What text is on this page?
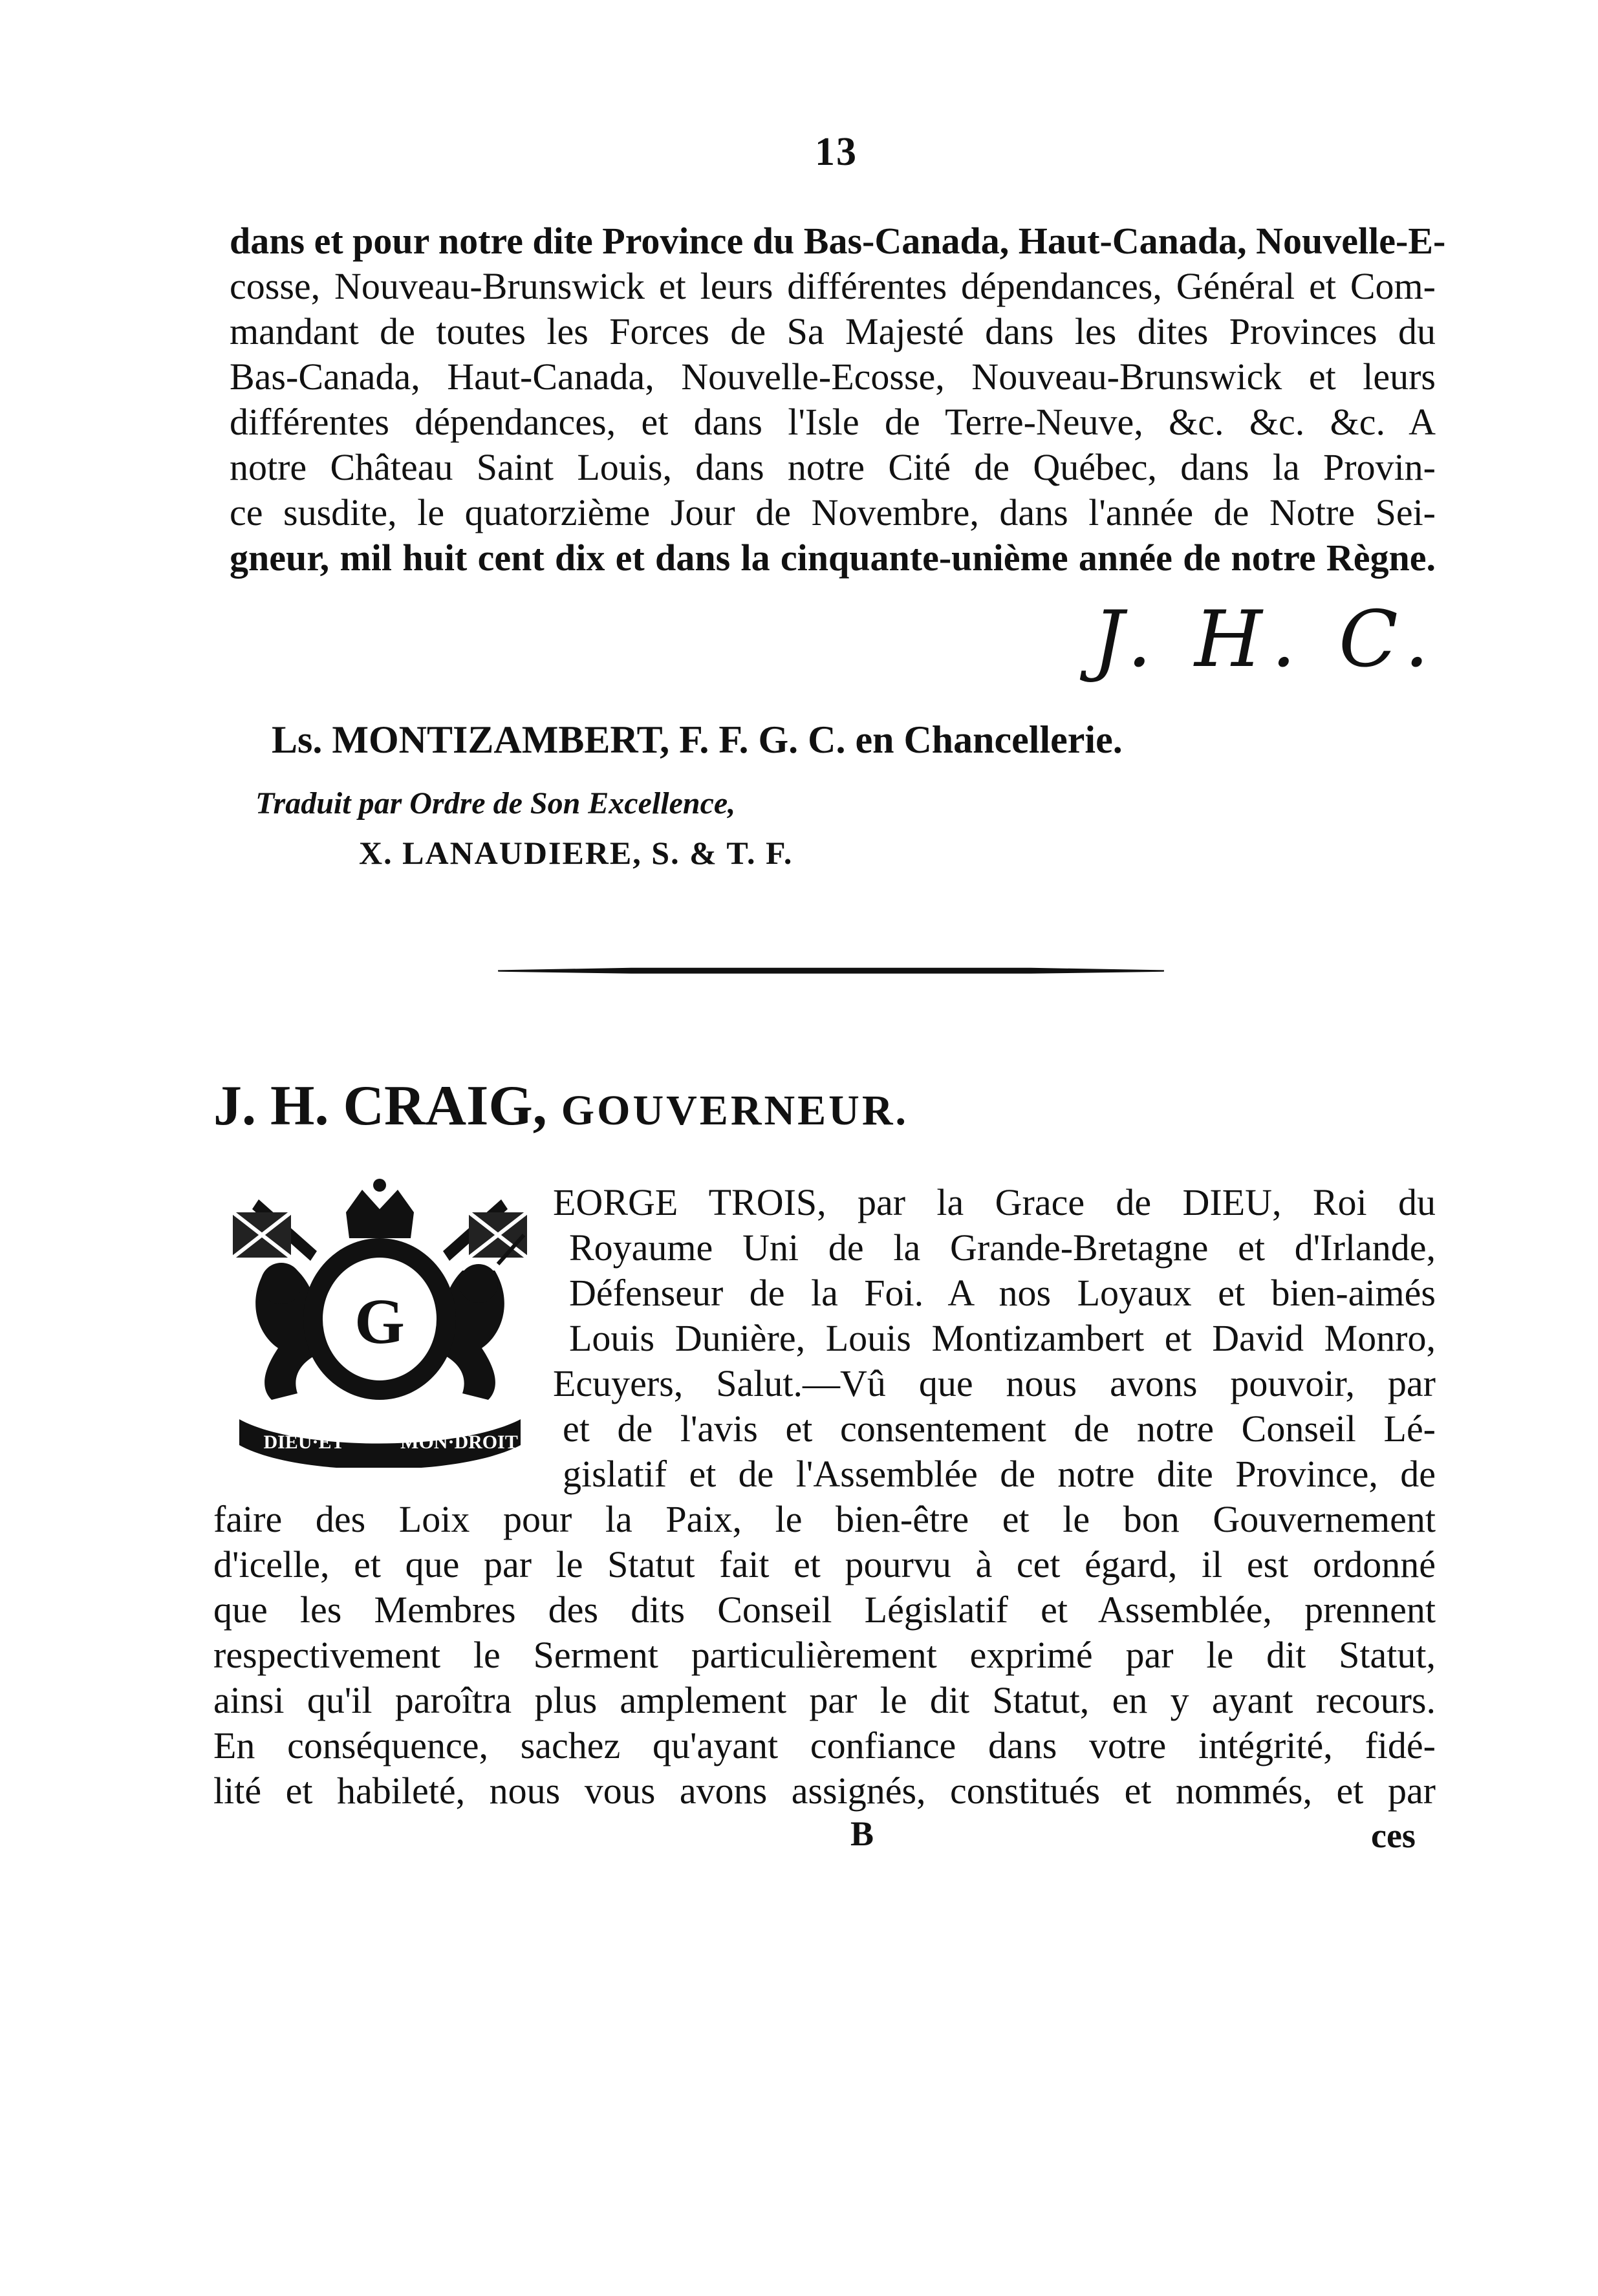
13
dans et pour notre dite Province du Bas-Canada, Haut-Canada, Nouvelle-E-
cosse, Nouveau-Brunswick et leurs différentes dépendances, Général et Com-
mandant de toutes les Forces de Sa Majesté dans les dites Provinces du
Bas-Canada, Haut-Canada, Nouvelle-Ecosse, Nouveau-Brunswick et leurs
différentes dépendances, et dans l'Isle de Terre-Neuve, &c. &c. &c. A
notre Château Saint Louis, dans notre Cité de Québec, dans la Provin-
ce susdite, le quatorzième Jour de Novembre, dans l'année de Notre Sei-
gneur, mil huit cent dix et dans la cinquante-unième année de notre Règne.
J. H. C.
Ls. MONTIZAMBERT, F. F. G. C. en Chancellerie.
Traduit par Ordre de Son Excellence,
X. LANAUDIERE, S. & T. F.
J. H. CRAIG, GOUVERNEUR.
G
DIEU·ET	MON·DROIT
EORGE TROIS, par la Grace de DIEU, Roi du
Royaume Uni de la Grande-Bretagne et d'Irlande,
Défenseur de la Foi. A nos Loyaux et bien-aimés
Louis Dunière, Louis Montizambert et David Monro,
Ecuyers, Salut.—Vû que nous avons pouvoir, par
et de l'avis et consentement de notre Conseil Lé-
gislatif et de l'Assemblée de notre dite Province, de
faire des Loix pour la Paix, le bien-être et le bon Gouvernement
d'icelle, et que par le Statut fait et pourvu à cet égard, il est ordonné
que les Membres des dits Conseil Législatif et Assemblée, prennent
respectivement le Serment particulièrement exprimé par le dit Statut,
ainsi qu'il paroîtra plus amplement par le dit Statut, en y ayant recours.
En conséquence, sachez qu'ayant confiance dans votre intégrité, fidé-
lité et habileté, nous vous avons assignés, constitués et nommés, et par
B	ces
